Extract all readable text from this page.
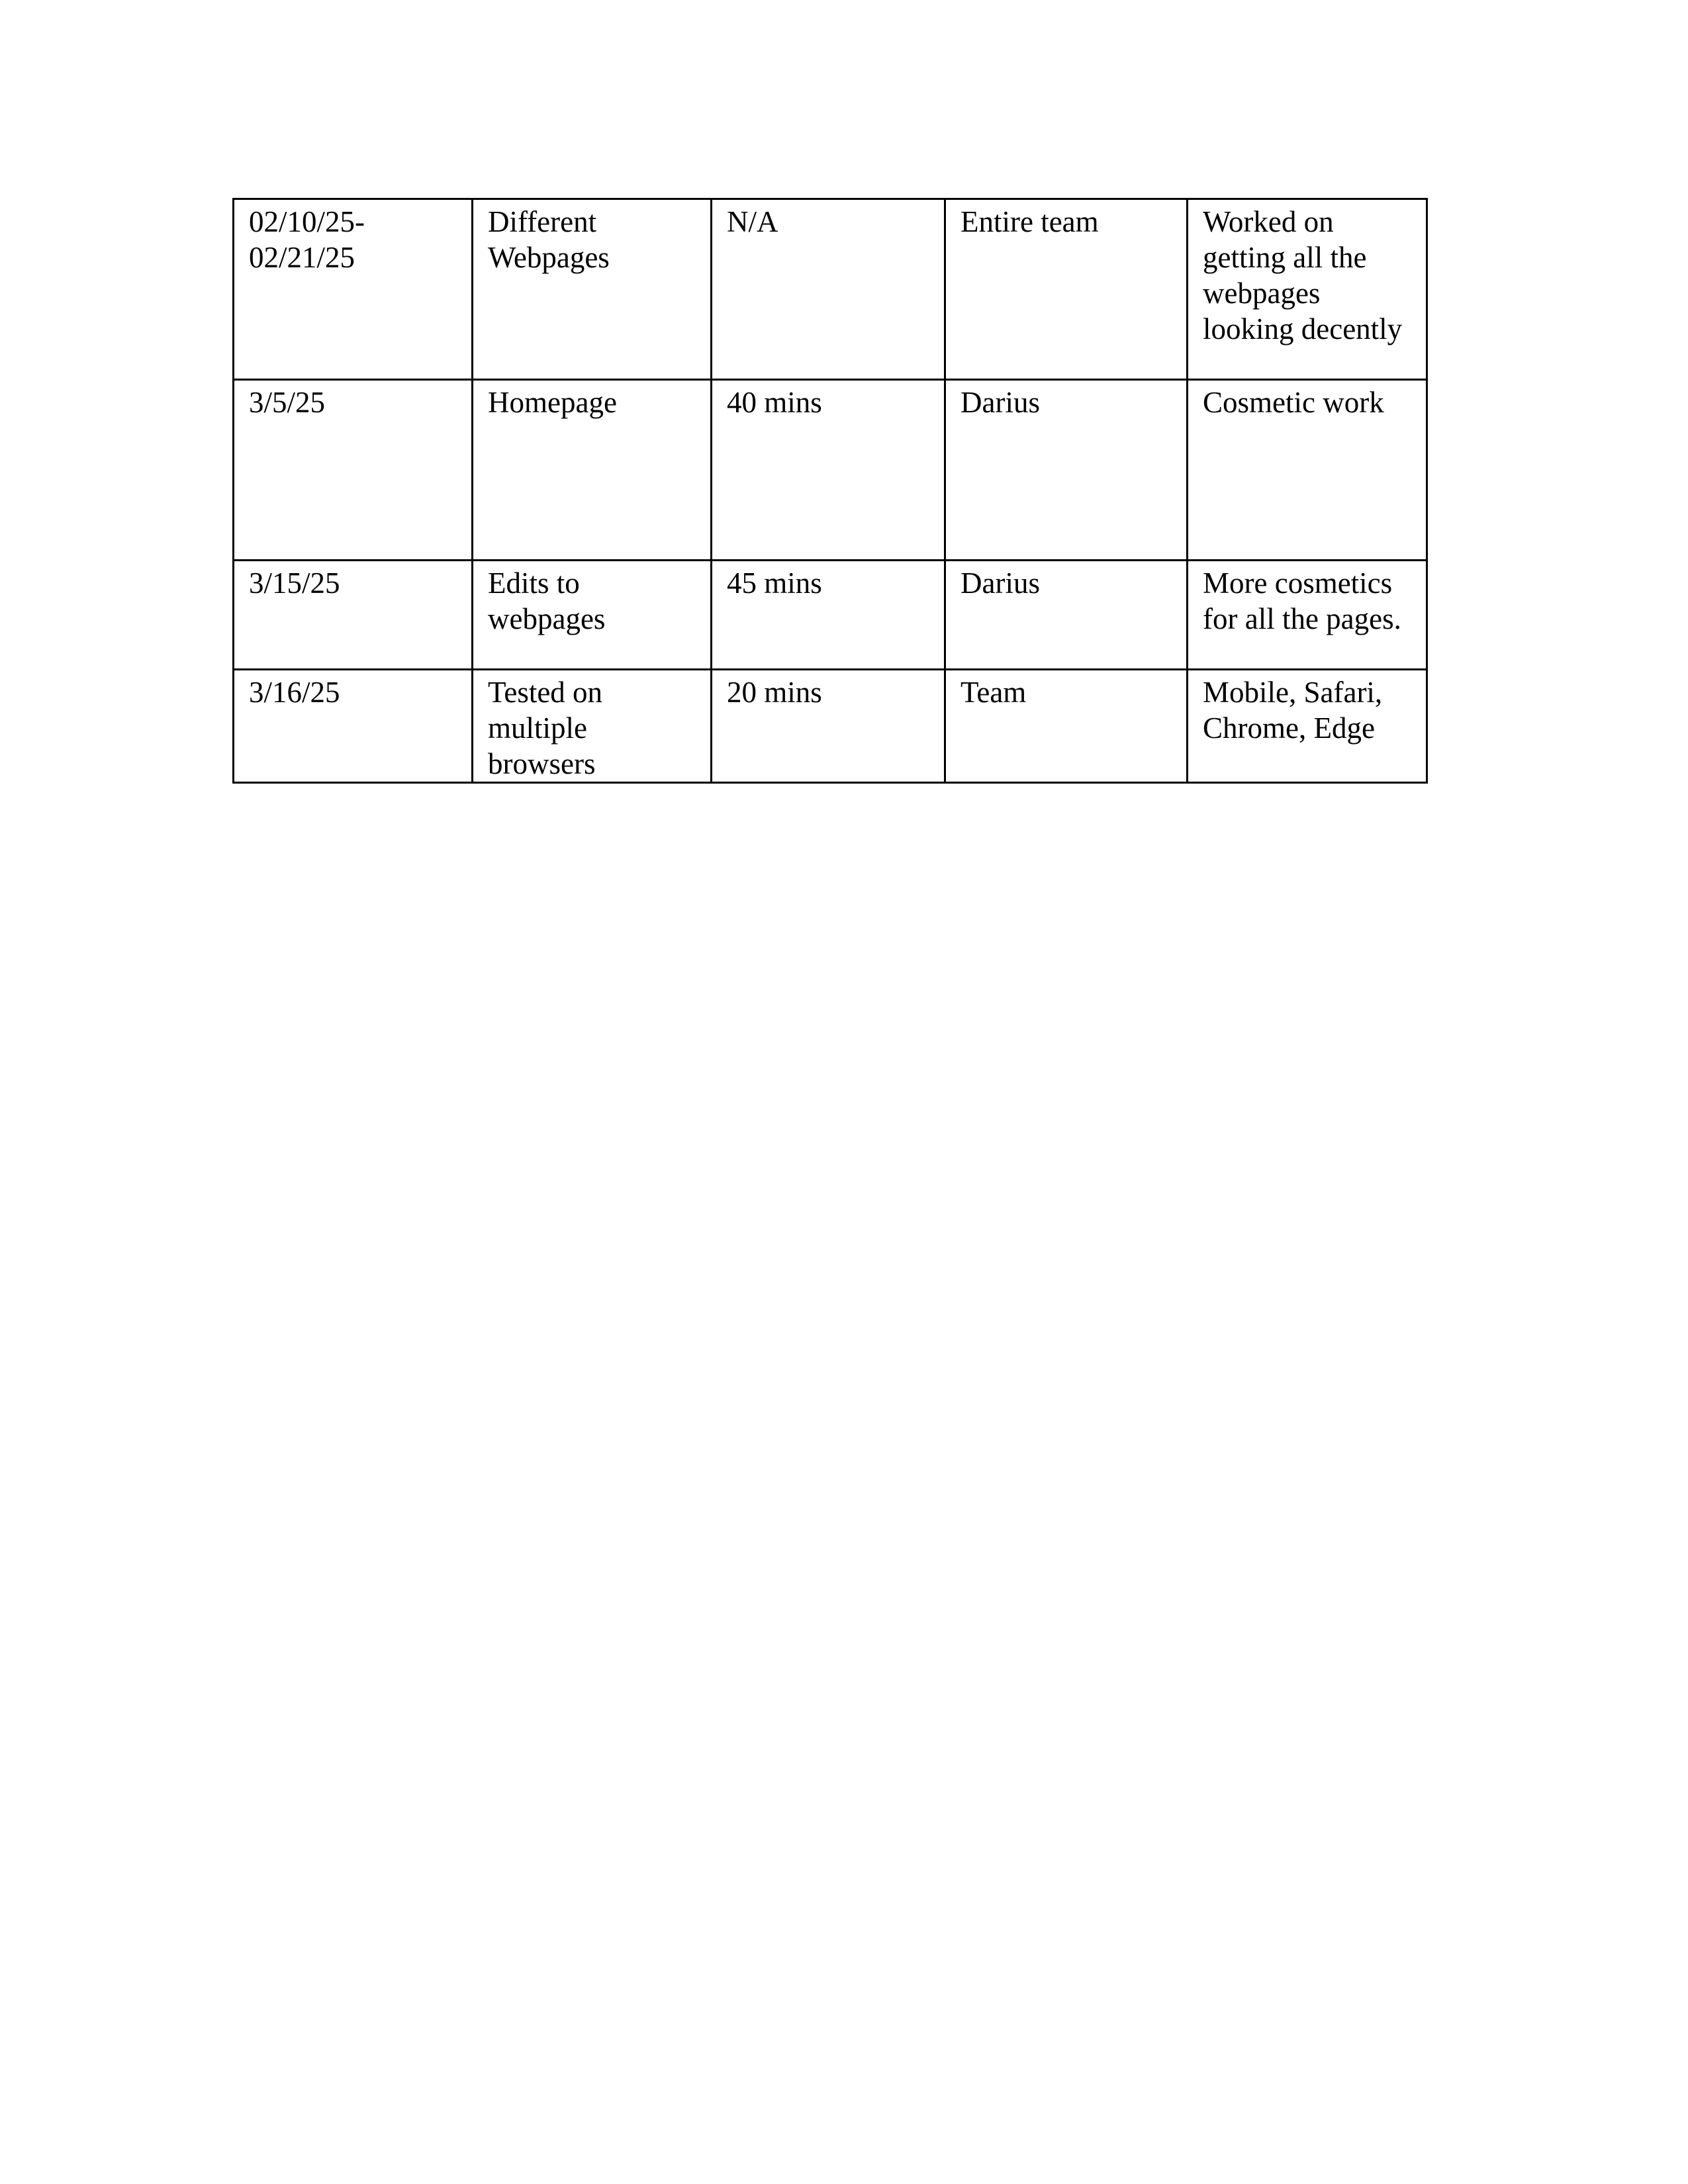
02/10/25-02/21/25	Different Webpages	N/A	Entire team	Worked on getting all the webpages looking decently

3/5/25	Homepage	40 mins	Darius	Cosmetic work

3/15/25	Edits to webpages	45 mins	Darius	More cosmetics for all the pages.

3/16/25	Tested on multiple browsers	20 mins	Team	Mobile, Safari, Chrome, Edge
